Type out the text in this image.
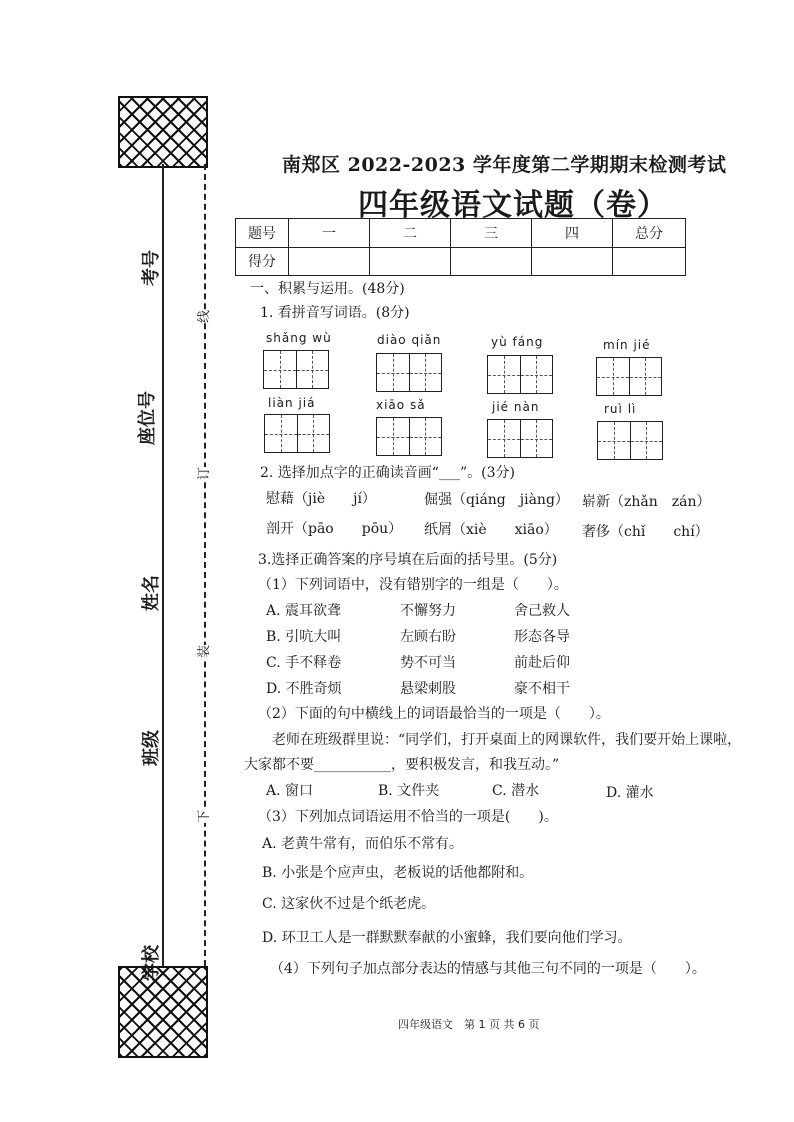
考号
座位号
姓名
班级
学校
线
订
装
下
南郑区 2022-2023 学年度第二学期期末检测考试
四年级语文试题（卷）
题号	一	二	三	四	总分
得分					
一、积累与运用。(48分)
1. 看拼音写词语。(8分)
shǎng wù	diào qiǎn	yù fáng	mín jié
liàn jiá	xiāo sǎ	jié nàn	ruì lì
2. 选择加点字的正确读音画“___”。(3分)
慰藉（jiè　　jí）	倔强（qiáng　jiàng） 崭新（zhǎn　zán）
剖开（pāo　　pōu） 纸屑（xiè　　xiāo） 奢侈（chǐ　　chí）
3.选择正确答案的序号填在后面的括号里。(5分)
（1）下列词语中，没有错别字的一组是（　　）。
A. 震耳欲聋	不懈努力	舍己救人
B. 引吭大叫	左顾右盼	形态各导
C. 手不释卷	势不可当	前赴后仰
D. 不胜奇烦	悬梁刺股	豪不相干
（2）下面的句中横线上的词语最恰当的一项是（　　）。
老师在班级群里说：“同学们，打开桌面上的网课软件，我们要开始上课啦，
大家都不要___________，要积极发言，和我互动。”
A. 窗口	B. 文件夹	C. 潜水	D. 灌水
（3）下列加点词语运用不恰当的一项是(　　)。
A. 老黄牛常有，而伯乐不常有。
B. 小张是个应声虫，老板说的话他都附和。
C. 这家伙不过是个纸老虎。
D. 环卫工人是一群默默奉献的小蜜蜂，我们要向他们学习。
（4）下列句子加点部分表达的情感与其他三句不同的一项是（　　）。
四年级语文　第 1 页 共 6 页
